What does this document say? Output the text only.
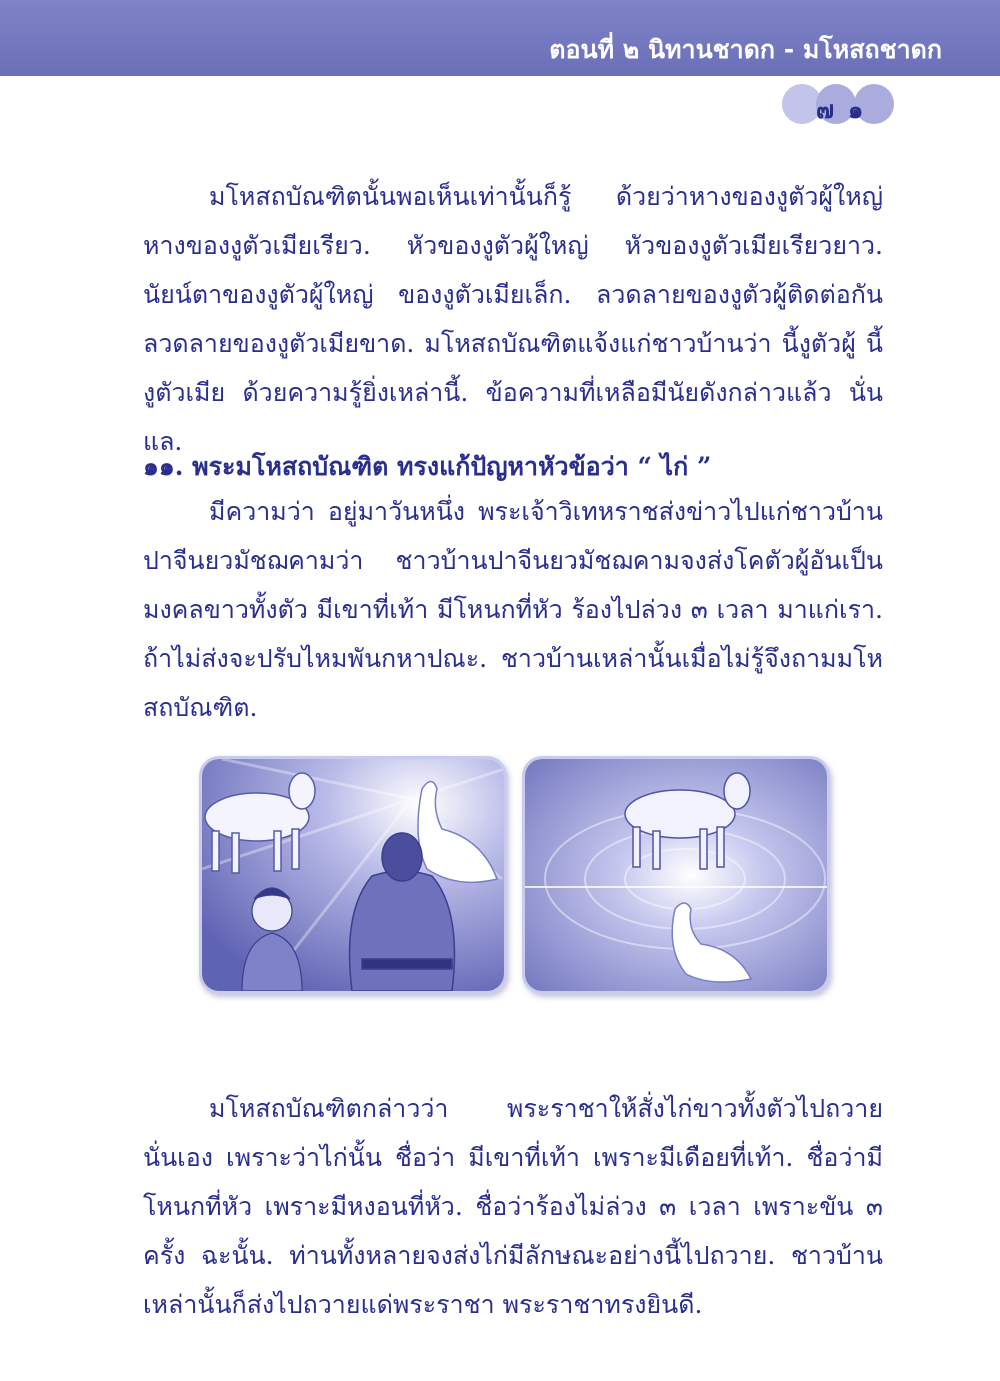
ตอนที่ ๒ นิทานชาดก - มโหสถชาดก
๗๑

มโหสถบัณฑิตนั้นพอเห็นเท่านั้นก็รู้ ด้วยว่าหางของงูตัวผู้ใหญ่ หางของงูตัวเมียเรียว. หัวของงูตัวผู้ใหญ่ หัวของงูตัวเมียเรียวยาว. นัยน์ตาของงูตัวผู้ใหญ่ ของงูตัวเมียเล็ก. ลวดลายของงูตัวผู้ติดต่อกัน ลวดลายของงูตัวเมียขาด. มโหสถบัณฑิตแจ้งแก่ชาวบ้านว่า นี้งูตัวผู้ นี้งูตัวเมีย ด้วยความรู้ยิ่งเหล่านี้. ข้อความที่เหลือมีนัยดังกล่าวแล้ว นั่นแล.

๑๑. พระมโหสถบัณฑิต ทรงแก้ปัญหาหัวข้อว่า “ ไก่ ”

มีความว่า อยู่มาวันหนึ่ง พระเจ้าวิเทหราชส่งข่าวไปแก่ชาวบ้านปาจีนยวมัชฌคามว่า ชาวบ้านปาจีนยวมัชฌคามจงส่งโคตัวผู้อันเป็นมงคลขาวทั้งตัว มีเขาที่เท้า มีโหนกที่หัว ร้องไปล่วง ๓ เวลา มาแก่เรา. ถ้าไม่ส่งจะปรับไหมพันกหาปณะ. ชาวบ้านเหล่านั้นเมื่อไม่รู้จึงถามมโหสถบัณฑิต.

มโหสถบัณฑิตกล่าวว่า พระราชาให้สั่งไก่ขาวทั้งตัวไปถวายนั่นเอง เพราะว่าไก่นั้น ชื่อว่า มีเขาที่เท้า เพราะมีเดือยที่เท้า. ชื่อว่ามีโหนกที่หัว เพราะมีหงอนที่หัว. ชื่อว่าร้องไม่ล่วง ๓ เวลา เพราะขัน ๓ ครั้ง ฉะนั้น. ท่านทั้งหลายจงส่งไก่มีลักษณะอย่างนี้ไปถวาย. ชาวบ้านเหล่านั้นก็ส่งไปถวายแด่พระราชา พระราชาทรงยินดี.
